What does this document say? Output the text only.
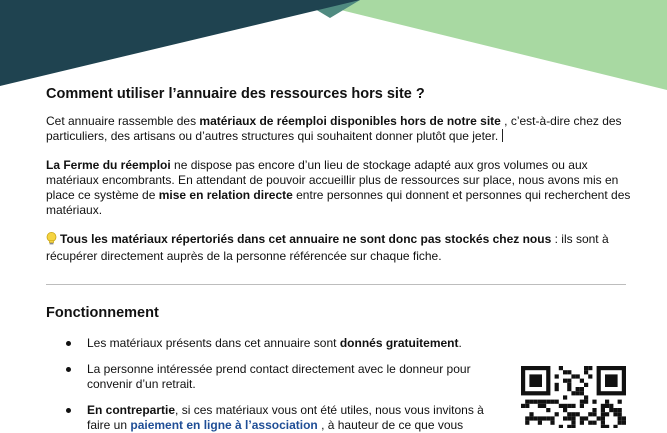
Comment utiliser l’annuaire des ressources hors site ?

Cet annuaire rassemble des matériaux de réemploi disponibles hors de notre site , c’est-à-dire chez des particuliers, des artisans ou d’autres structures qui souhaitent donner plutôt que jeter.

La Ferme du réemploi ne dispose pas encore d’un lieu de stockage adapté aux gros volumes ou aux matériaux encombrants. En attendant de pouvoir accueillir plus de ressources sur place, nous avons mis en place ce système de mise en relation directe entre personnes qui donnent et personnes qui recherchent des matériaux.

Tous les matériaux répertoriés dans cet annuaire ne sont donc pas stockés chez nous : ils sont à récupérer directement auprès de la personne référencée sur chaque fiche.

Fonctionnement
Les matériaux présents dans cet annuaire sont donnés gratuitement.
La personne intéressée prend contact directement avec le donneur pour convenir d’un retrait.
En contrepartie, si ces matériaux vous ont été utiles, nous vous invitons à faire un paiement en ligne à l’association , à hauteur de ce que vous
